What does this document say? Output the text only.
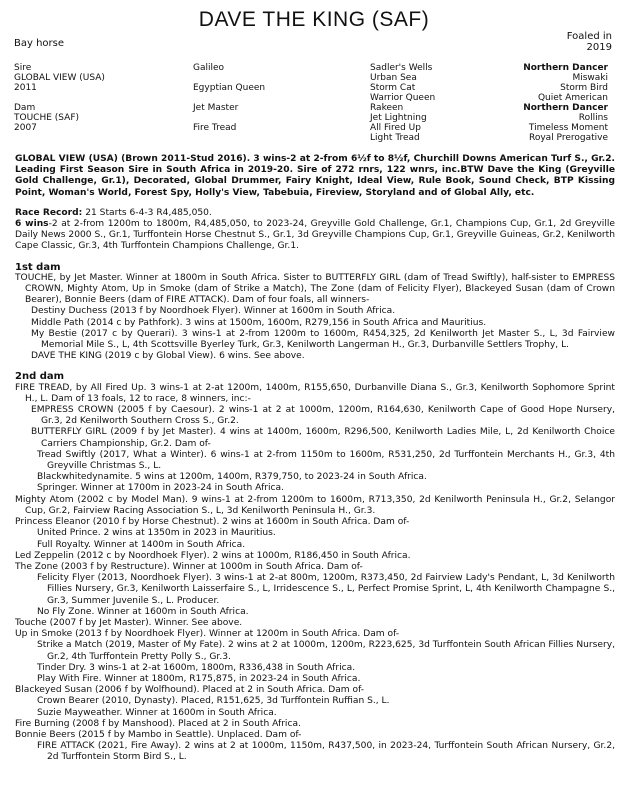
DAVE THE KING (SAF)
Bay horse
Foaled in
2019
Sire
GLOBAL VIEW (USA)
2011
Dam
TOUCHE (SAF)
2007
Galileo
Egyptian Queen
Jet Master
Fire Tread
Sadler's Wells
Urban Sea
Storm Cat
Warrior Queen
Rakeen
Jet Lightning
All Fired Up
Light Tread
Northern Dancer
Miswaki
Storm Bird
Quiet American
Northern Dancer
Rollins
Timeless Moment
Royal Prerogative

GLOBAL VIEW (USA) (Brown 2011-Stud 2016). 3 wins-2 at 2-from 6½f to 8½f, Churchill Downs American Turf S., Gr.2. Leading First Season Sire in South Africa in 2019-20. Sire of 272 rnrs, 122 wnrs, inc.BTW Dave the King (Greyville Gold Challenge, Gr.1), Decorated, Global Drummer, Fairy Knight, Ideal View, Rule Book, Sound Check, BTP Kissing Point, Woman's World, Forest Spy, Holly's View, Tabebuia, Fireview, Storyland and of Global Ally, etc.

Race Record: 21 Starts 6-4-3 R4,485,050.

6 wins-2 at 2-from 1200m to 1800m, R4,485,050, to 2023-24, Greyville Gold Challenge, Gr.1, Champions Cup, Gr.1, 2d Greyville Daily News 2000 S., Gr.1, Turffontein Horse Chestnut S., Gr.1, 3d Greyville Champions Cup, Gr.1, Greyville Guineas, Gr.2, Kenilworth Cape Classic, Gr.3, 4th Turffontein Champions Challenge, Gr.1.

1st dam

TOUCHE, by Jet Master. Winner at 1800m in South Africa. Sister to BUTTERFLY GIRL (dam of Tread Swiftly), half-sister to EMPRESS CROWN, Mighty Atom, Up in Smoke (dam of Strike a Match), The Zone (dam of Felicity Flyer), Blackeyed Susan (dam of Crown Bearer), Bonnie Beers (dam of FIRE ATTACK). Dam of four foals, all winners-

Destiny Duchess (2013 f by Noordhoek Flyer). Winner at 1600m in South Africa.

Middle Path (2014 c by Pathfork). 3 wins at 1500m, 1600m, R279,156 in South Africa and Mauritius.

My Bestie (2017 c by Querari). 3 wins-1 at 2-from 1200m to 1600m, R454,325, 2d Kenilworth Jet Master S., L, 3d Fairview Memorial Mile S., L, 4th Scottsville Byerley Turk, Gr.3, Kenilworth Langerman H., Gr.3, Durbanville Settlers Trophy, L.

DAVE THE KING (2019 c by Global View). 6 wins. See above.

2nd dam

FIRE TREAD, by All Fired Up. 3 wins-1 at 2-at 1200m, 1400m, R155,650, Durbanville Diana S., Gr.3, Kenilworth Sophomore Sprint H., L. Dam of 13 foals, 12 to race, 8 winners, inc:-

EMPRESS CROWN (2005 f by Caesour). 2 wins-1 at 2 at 1000m, 1200m, R164,630, Kenilworth Cape of Good Hope Nursery, Gr.3, 2d Kenilworth Southern Cross S., Gr.2.

BUTTERFLY GIRL (2009 f by Jet Master). 4 wins at 1400m, 1600m, R296,500, Kenilworth Ladies Mile, L, 2d Kenilworth Choice Carriers Championship, Gr.2. Dam of-

Tread Swiftly (2017, What a Winter). 6 wins-1 at 2-from 1150m to 1600m, R531,250, 2d Turffontein Merchants H., Gr.3, 4th Greyville Christmas S., L.

Blackwhitedynamite. 5 wins at 1200m, 1400m, R379,750, to 2023-24 in South Africa.

Springer. Winner at 1700m in 2023-24 in South Africa.

Mighty Atom (2002 c by Model Man). 9 wins-1 at 2-from 1200m to 1600m, R713,350, 2d Kenilworth Peninsula H., Gr.2, Selangor Cup, Gr.2, Fairview Racing Association S., L, 3d Kenilworth Peninsula H., Gr.3.

Princess Eleanor (2010 f by Horse Chestnut). 2 wins at 1600m in South Africa. Dam of-

United Prince. 2 wins at 1350m in 2023 in Mauritius.

Full Royalty. Winner at 1400m in South Africa.

Led Zeppelin (2012 c by Noordhoek Flyer). 2 wins at 1000m, R186,450 in South Africa.

The Zone (2003 f by Restructure). Winner at 1000m in South Africa. Dam of-

Felicity Flyer (2013, Noordhoek Flyer). 3 wins-1 at 2-at 800m, 1200m, R373,450, 2d Fairview Lady's Pendant, L, 3d Kenilworth Fillies Nursery, Gr.3, Kenilworth Laisserfaire S., L, Irridescence S., L, Perfect Promise Sprint, L, 4th Kenilworth Champagne S., Gr.3, Summer Juvenile S., L. Producer.

No Fly Zone. Winner at 1600m in South Africa.

Touche (2007 f by Jet Master). Winner. See above.

Up in Smoke (2013 f by Noordhoek Flyer). Winner at 1200m in South Africa. Dam of-

Strike a Match (2019, Master of My Fate). 2 wins at 2 at 1000m, 1200m, R223,625, 3d Turffontein South African Fillies Nursery, Gr.2, 4th Turffontein Pretty Polly S., Gr.3.

Tinder Dry. 3 wins-1 at 2-at 1600m, 1800m, R336,438 in South Africa.

Play With Fire. Winner at 1800m, R175,875, in 2023-24 in South Africa.

Blackeyed Susan (2006 f by Wolfhound). Placed at 2 in South Africa. Dam of-

Crown Bearer (2010, Dynasty). Placed, R151,625, 3d Turffontein Ruffian S., L.

Suzie Mayweather. Winner at 1600m in South Africa.

Fire Burning (2008 f by Manshood). Placed at 2 in South Africa.

Bonnie Beers (2015 f by Mambo in Seattle). Unplaced. Dam of-

FIRE ATTACK (2021, Fire Away). 2 wins at 2 at 1000m, 1150m, R437,500, in 2023-24, Turffontein South African Nursery, Gr.2, 2d Turffontein Storm Bird S., L.
